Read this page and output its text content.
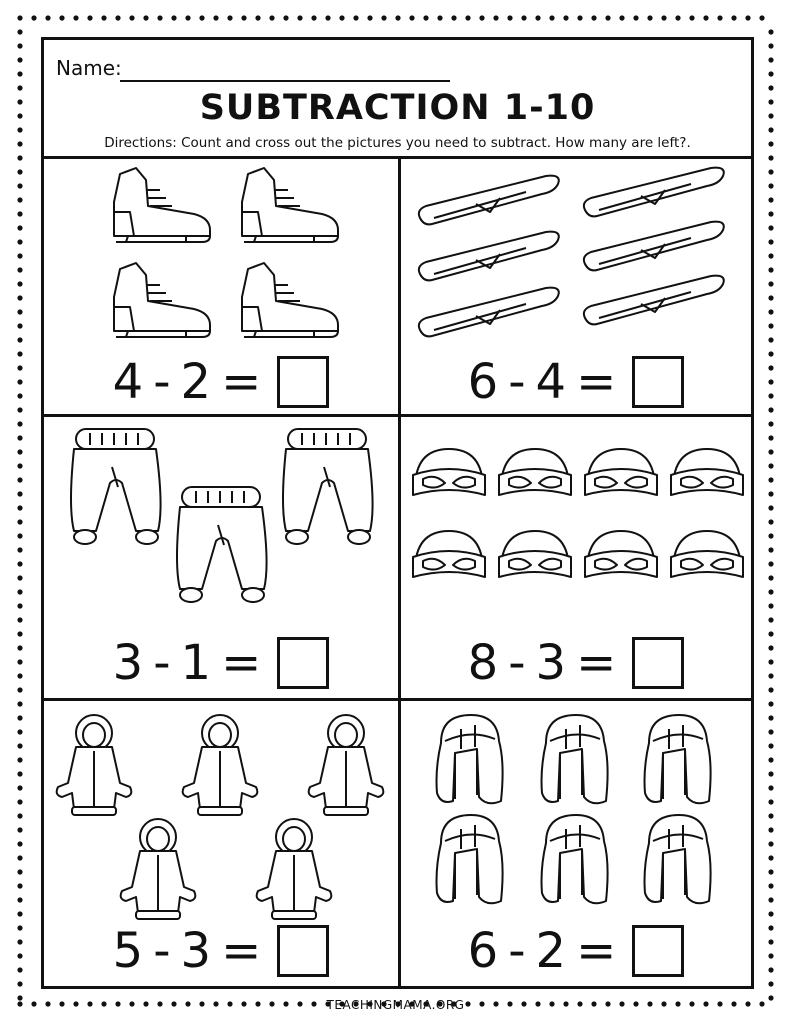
Name:
SUBTRACTION 1-10
Directions: Count and cross out the pictures you need to subtract. How many are left?.
4 - 2 =	6 - 4 =
3 - 1 =	8 - 3 =
5 - 3 =	6 - 2 =
TEACHINGMAMA.ORG
